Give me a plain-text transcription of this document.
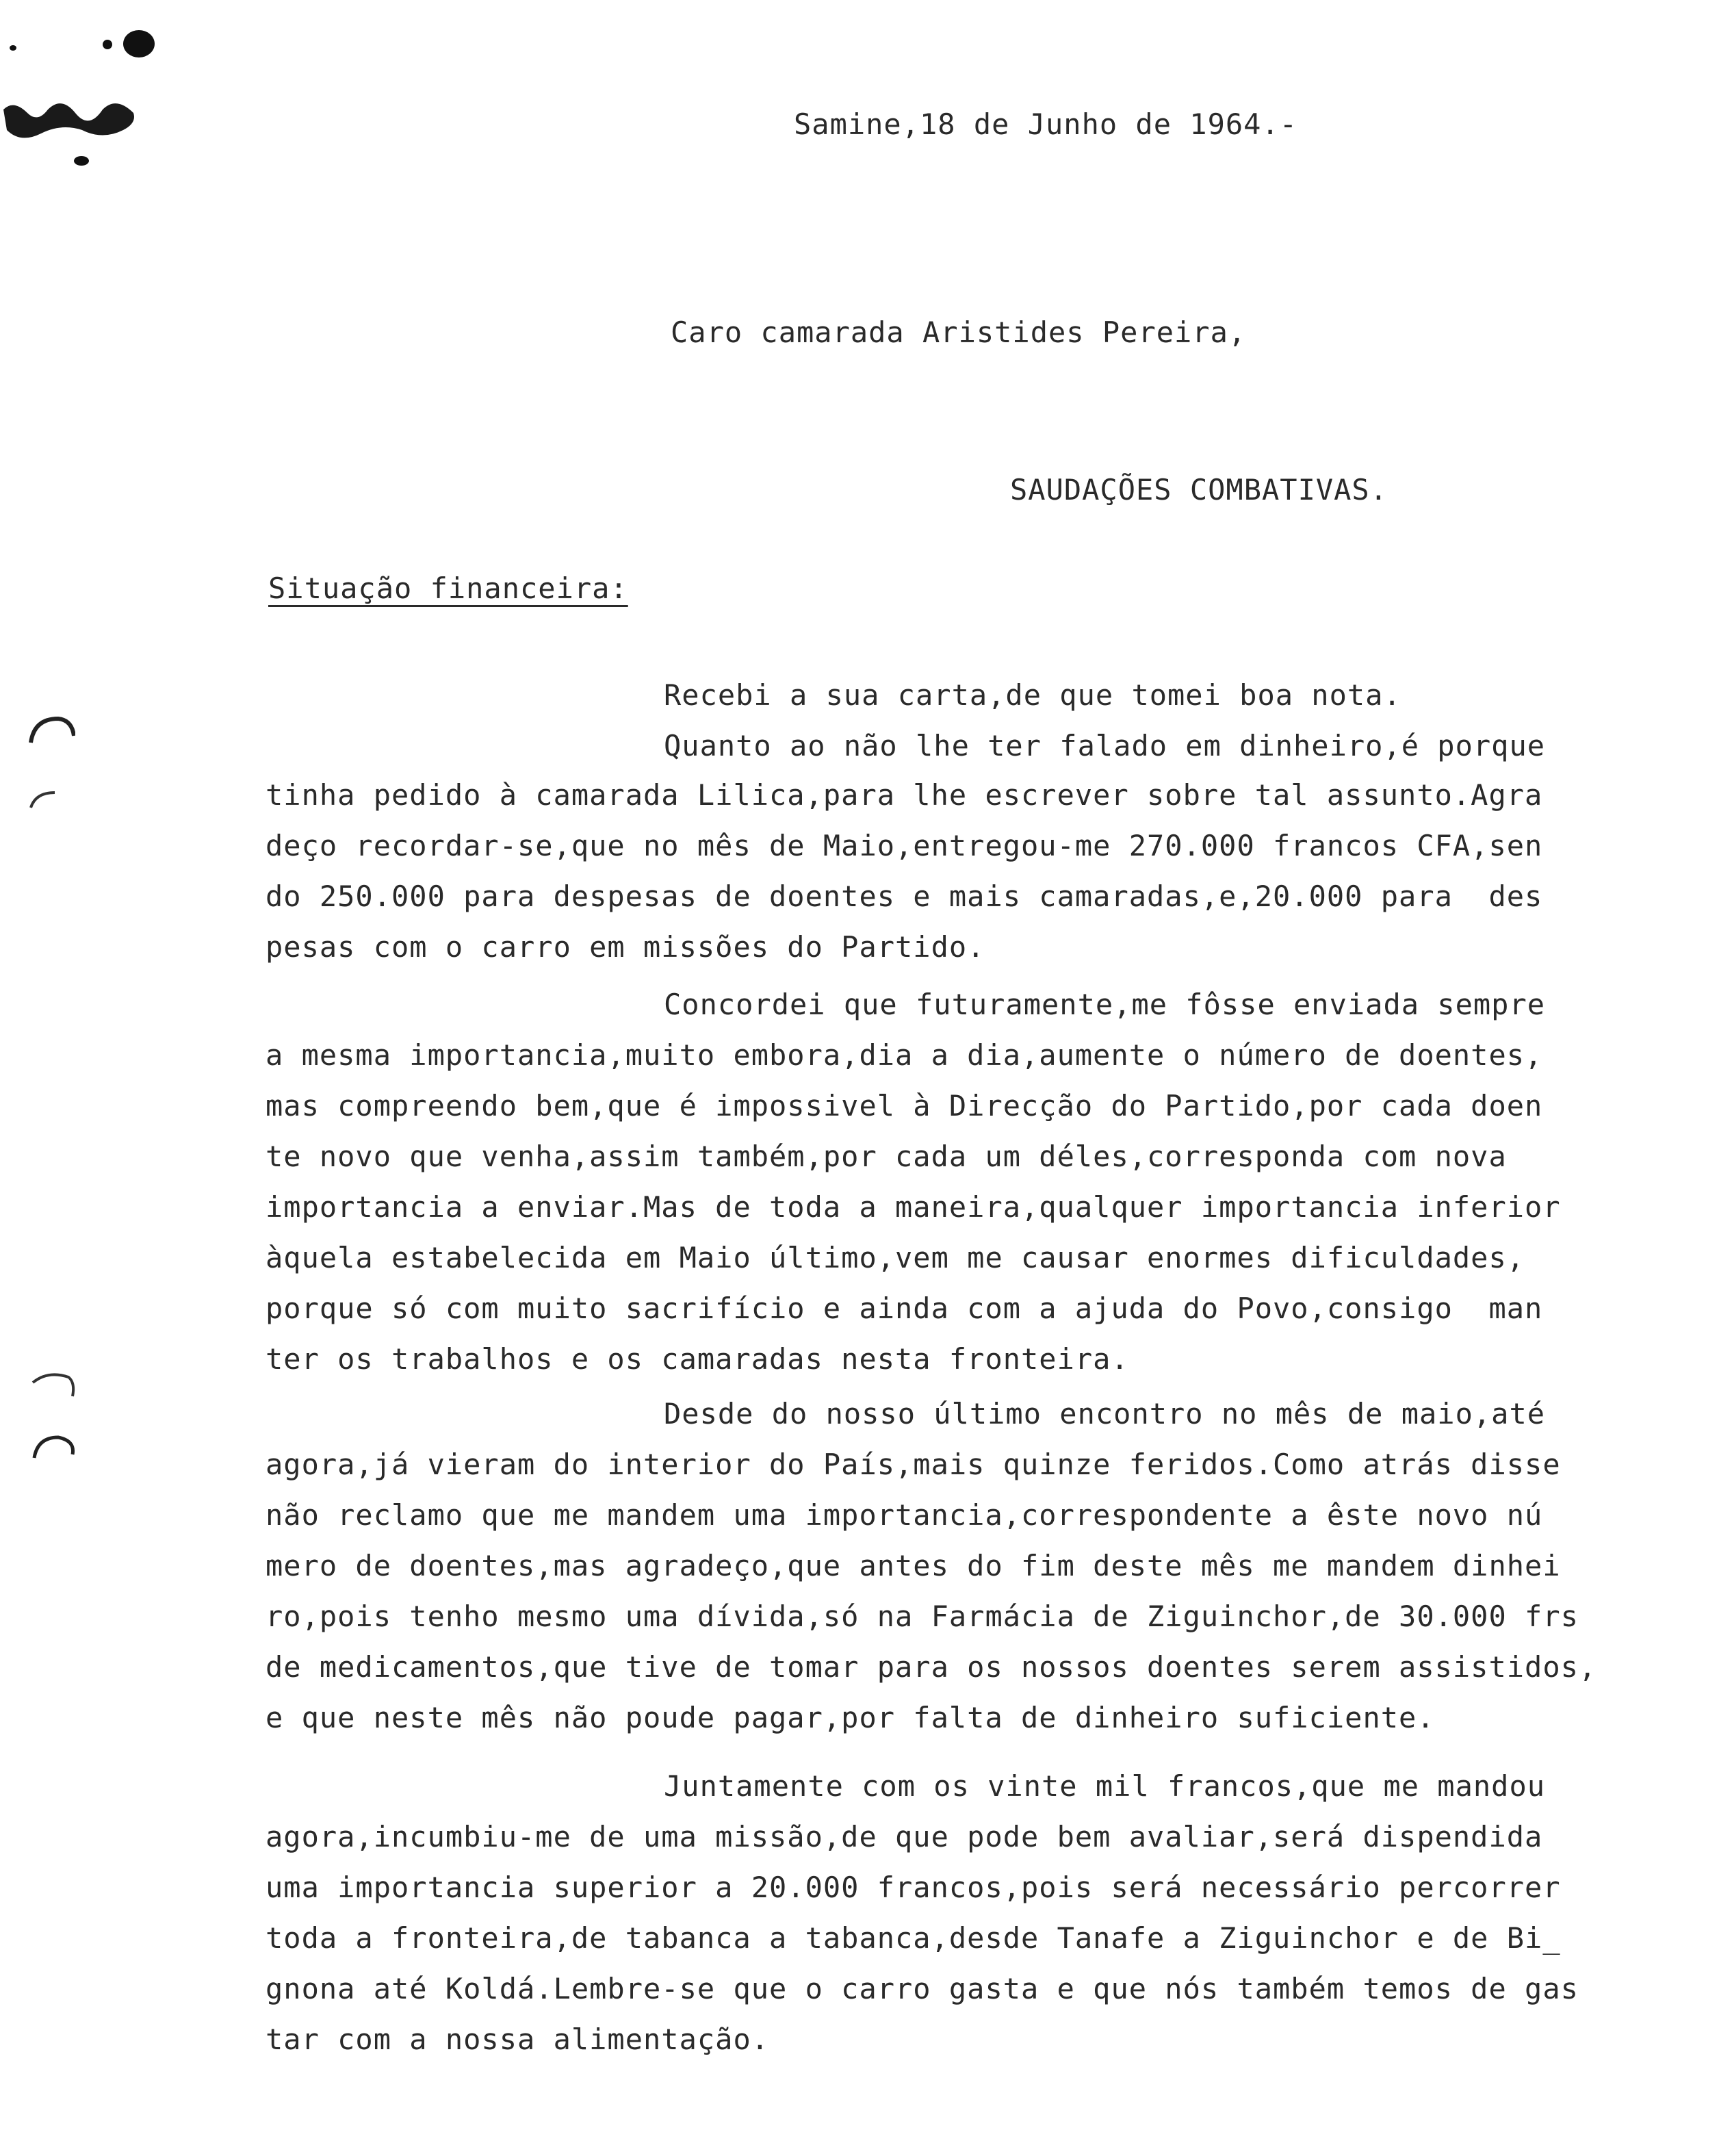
Samine,18 de Junho de 1964.-
Caro camarada Aristides Pereira,
SAUDAÇÕES COMBATIVAS.
Situação financeira:
Recebi a sua carta,de que tomei boa nota.
Quanto ao não lhe ter falado em dinheiro,é porque
tinha pedido à camarada Lilica,para lhe escrever sobre tal assunto.Agra
deço recordar-se,que no mês de Maio,entregou-me 270.000 francos CFA,sen
do 250.000 para despesas de doentes e mais camaradas,e,20.000 para  des
pesas com o carro em missões do Partido.
Concordei que futuramente,me fôsse enviada sempre
a mesma importancia,muito embora,dia a dia,aumente o número de doentes,
mas compreendo bem,que é impossivel à Direcção do Partido,por cada doen
te novo que venha,assim também,por cada um déles,corresponda com nova
importancia a enviar.Mas de toda a maneira,qualquer importancia inferior
àquela estabelecida em Maio último,vem me causar enormes dificuldades,
porque só com muito sacrifício e ainda com a ajuda do Povo,consigo  man
ter os trabalhos e os camaradas nesta fronteira.
Desde do nosso último encontro no mês de maio,até
agora,já vieram do interior do País,mais quinze feridos.Como atrás disse
não reclamo que me mandem uma importancia,correspondente a êste novo nú
mero de doentes,mas agradeço,que antes do fim deste mês me mandem dinhei
ro,pois tenho mesmo uma dívida,só na Farmácia de Ziguinchor,de 30.000 frs
de medicamentos,que tive de tomar para os nossos doentes serem assistidos,
e que neste mês não poude pagar,por falta de dinheiro suficiente.
Juntamente com os vinte mil francos,que me mandou
agora,incumbiu-me de uma missão,de que pode bem avaliar,será dispendida
uma importancia superior a 20.000 francos,pois será necessário percorrer
toda a fronteira,de tabanca a tabanca,desde Tanafe a Ziguinchor e de Bi_
gnona até Koldá.Lembre-se que o carro gasta e que nós também temos de gas
tar com a nossa alimentação.
